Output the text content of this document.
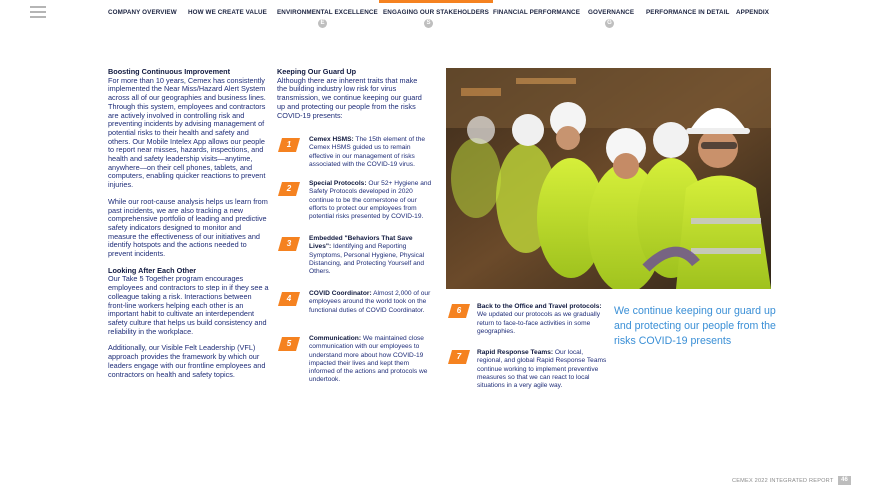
COMPANY OVERVIEW HOW WE CREATE VALUE ENVIRONMENTAL EXCELLENCE
E
ENGAGING OUR STAKEHOLDERS
S
FINANCIAL PERFORMANCE GOVERNANCE
G
PERFORMANCE IN DETAIL APPENDIX
Boosting Continuous Improvement

For more than 10 years, Cemex has consistently implemented the Near Miss/Hazard Alert System across all of our geographies and business lines. Through this system, employees and contractors are actively involved in controlling risk and preventing incidents by advising management of potential risks to their health and safety and others. Our Mobile Intelex App allows our people to report near misses, hazards, inspections, and health and safety leadership visits—anytime, anywhere—on their cell phones, tablets, and computers, enabling quicker reactions to prevent injuries.

While our root-cause analysis helps us learn from past incidents, we are also tracking a new comprehensive portfolio of leading and predictive safety indicators designed to monitor and measure the effectiveness of our initiatives and identify hotspots and the actions needed to prevent incidents.

Looking After Each Other

Our Take 5 Together program encourages employees and contractors to step in if they see a colleague taking a risk. Interactions between front-line workers helping each other is an important habit to cultivate an interdependent safety culture that helps us build consistency and reliability in the workplace.

Additionally, our Visible Felt Leadership (VFL) approach provides the framework by which our leaders engage with our frontline employees and contractors on health and safety topics.

Keeping Our Guard Up

Although there are inherent traits that make the building industry low risk for virus transmission, we continue keeping our guard up and protecting our people from the risks COVID-19 presents:

1
Cemex HSMS: The 15th element of the Cemex HSMS guided us to remain effective in our management of risks associated with the COVID-19 virus.
2
Special Protocols: Our 52+ Hygiene and Safety Protocols developed in 2020 continue to be the cornerstone of our efforts to protect our employees from potential risks presented by COVID-19.
3
Embedded "Behaviors That Save Lives": Identifying and Reporting Symptoms, Personal Hygiene, Physical Distancing, and Protecting Yourself and Others.
4
COVID Coordinator: Almost 2,000 of our employees around the world took on the functional duties of COVID Coordinator.
5
Communication: We maintained close communication with our employees to understand more about how COVID-19 impacted their lives and kept them informed of the actions and protocols we undertook.
6	Back to the Office and Travel protocols: We updated our protocols as we gradually return to face-to-face activities in some geographies.
7	Rapid Response Teams: Our local, regional, and global Rapid Response Teams continue working to implement preventive measures so that we can react to local situations in a very agile way.
We continue keeping our guard up and protecting our people from the risks COVID-19 presents
CEMEX 2022 INTEGRATED REPORT	46
